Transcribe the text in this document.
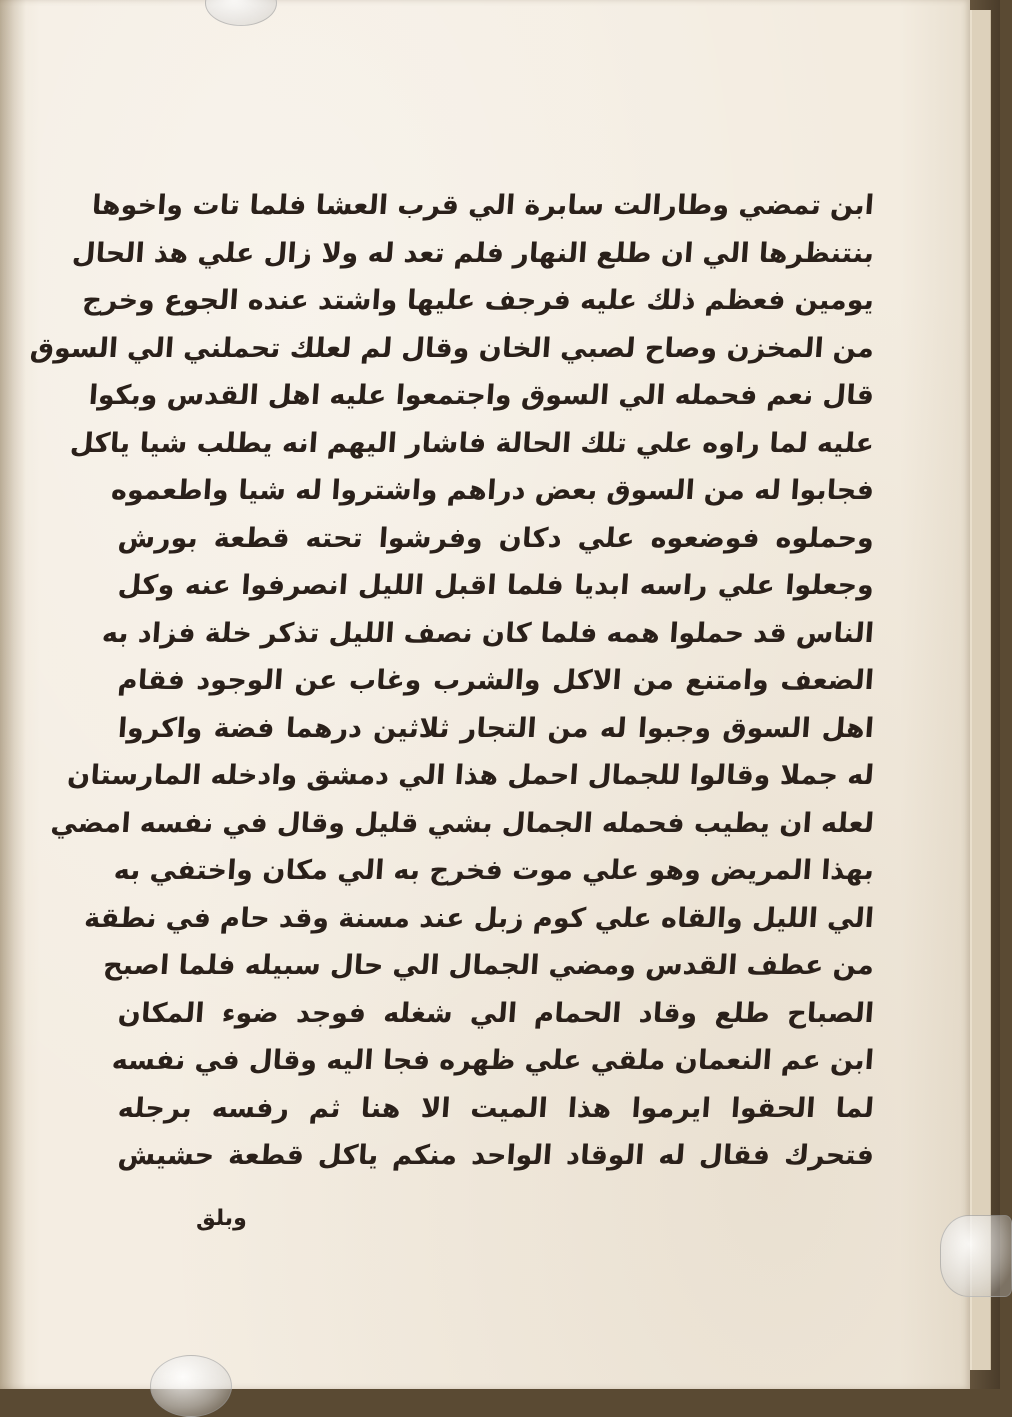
ابن تمضي وطارالت سابرة الي قرب العشا فلما تات واخوها
بنتنظرها الي ان طلع النهار فلم تعد له ولا زال علي هذ الحال
يومين فعظم ذلك عليه فرجف عليها واشتد عنده الجوع وخرج
من المخزن وصاح لصبي الخان وقال لم لعلك تحملني الي السوق
قال نعم فحمله الي السوق واجتمعوا عليه اهل القدس وبكوا
عليه لما راوه علي تلك الحالة فاشار اليهم انه يطلب شيا ياكل
فجابوا له من السوق بعض دراهم واشتروا له شيا واطعموه
وحملوه فوضعوه علي دكان وفرشوا تحته قطعة بورش
وجعلوا علي راسه ابديا فلما اقبل الليل انصرفوا عنه وكل
الناس قد حملوا همه فلما كان نصف الليل تذكر خلة فزاد به
الضعف وامتنع من الاكل والشرب وغاب عن الوجود فقام
اهل السوق وجبوا له من التجار ثلاثين درهما فضة واكروا
له جملا وقالوا للجمال احمل هذا الي دمشق وادخله المارستان
لعله ان يطيب فحمله الجمال بشي قليل وقال في نفسه امضي
بهذا المريض وهو علي موت فخرج به الي مكان واختفي به
الي الليل والقاه علي كوم زبل عند مسنة وقد حام في نطقة
من عطف القدس ومضي الجمال الي حال سبيله فلما اصبح
الصباح طلع وقاد الحمام الي شغله فوجد ضوء المكان
ابن عم النعمان ملقي علي ظهره فجا اليه وقال في نفسه
لما الحقوا ايرموا هذا الميت الا هنا ثم رفسه برجله
فتحرك فقال له الوقاد الواحد منكم ياكل قطعة حشيش
وبلق
